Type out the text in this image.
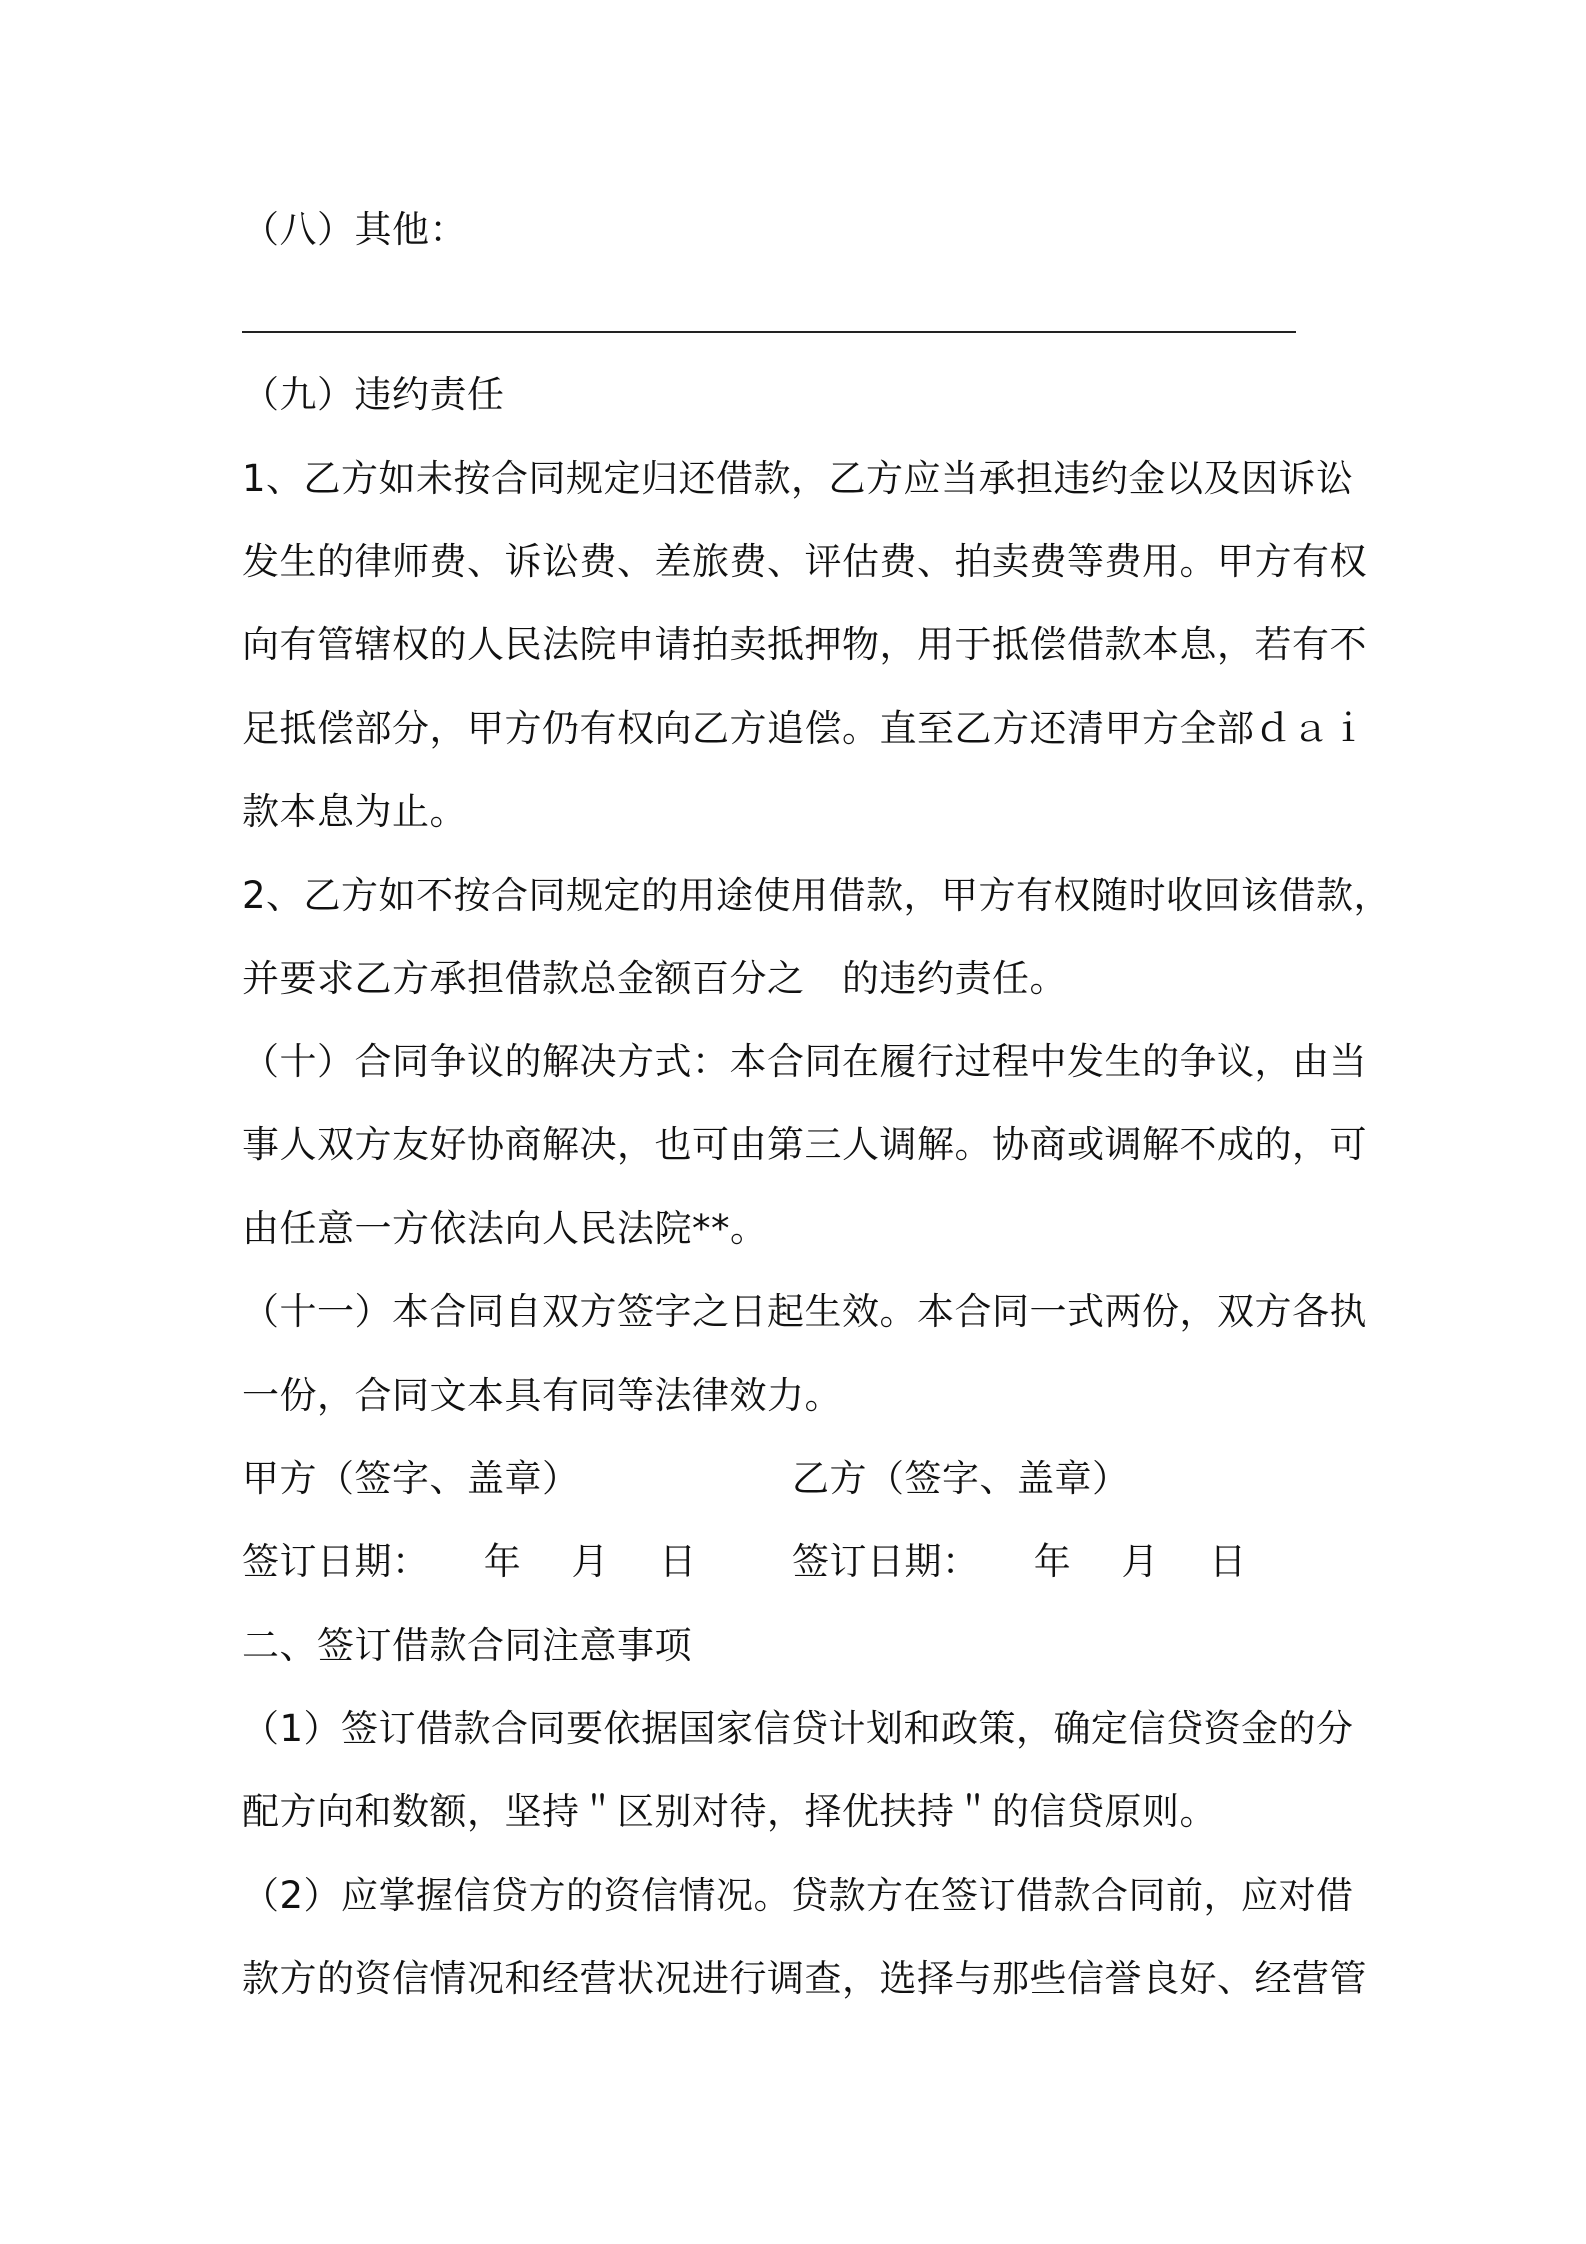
（八）其他：
（九）违约责任
1、乙方如未按合同规定归还借款，乙方应当承担违约金以及因诉讼
发生的律师费、诉讼费、差旅费、评估费、拍卖费等费用。甲方有权
向有管辖权的人民法院申请拍卖抵押物，用于抵偿借款本息，若有不
足抵偿部分，甲方仍有权向乙方追偿。直至乙方还清甲方全部ｄａｉ
款本息为止。
2、乙方如不按合同规定的用途使用借款，甲方有权随时收回该借款，
并要求乙方承担借款总金额百分之　的违约责任。
（十）合同争议的解决方式：本合同在履行过程中发生的争议，由当
事人双方友好协商解决，也可由第三人调解。协商或调解不成的，可
由任意一方依法向人民法院**。
（十一）本合同自双方签字之日起生效。本合同一式两份，双方各执
一份，合同文本具有同等法律效力。
甲方（签字、盖章）	乙方（签字、盖章）
签订日期： 年 月 日	签订日期： 年 月 日
二、签订借款合同注意事项
（1）签订借款合同要依据国家信贷计划和政策，确定信贷资金的分
配方向和数额，坚持＂区别对待，择优扶持＂的信贷原则。
（2）应掌握信贷方的资信情况。贷款方在签订借款合同前，应对借
款方的资信情况和经营状况进行调查，选择与那些信誉良好、经营管
